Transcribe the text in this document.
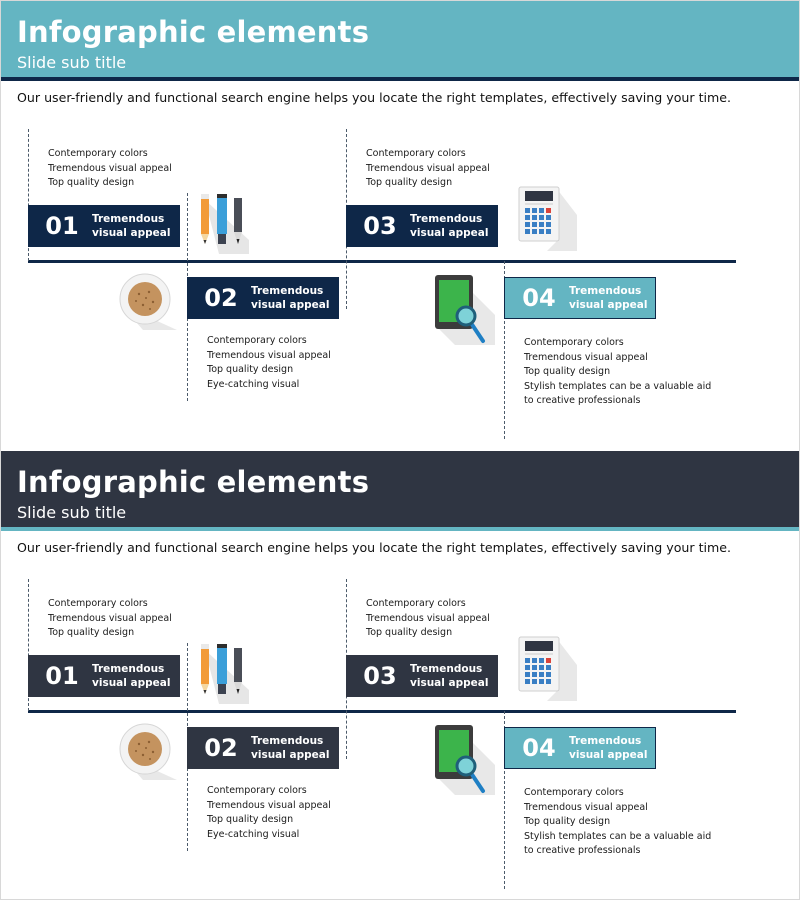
Infographic elements
Slide sub title
Our user-friendly and functional search engine helps you locate the right templates, effectively saving your time.
Contemporary colors
Tremendous visual appeal
Top quality design
01	Tremendous
visual appeal
02	Tremendous
visual appeal
Contemporary colors
Tremendous visual appeal
Top quality design
Eye-catching visual
Contemporary colors
Tremendous visual appeal
Top quality design
03	Tremendous
visual appeal
04	Tremendous
visual appeal
Contemporary colors
Tremendous visual appeal
Top quality design
Stylish templates can be a valuable aid
to creative professionals
Infographic elements
Slide sub title
Our user-friendly and functional search engine helps you locate the right templates, effectively saving your time.
Contemporary colors
Tremendous visual appeal
Top quality design
01	Tremendous
visual appeal
02	Tremendous
visual appeal
Contemporary colors
Tremendous visual appeal
Top quality design
Eye-catching visual
Contemporary colors
Tremendous visual appeal
Top quality design
03	Tremendous
visual appeal
04	Tremendous
visual appeal
Contemporary colors
Tremendous visual appeal
Top quality design
Stylish templates can be a valuable aid
to creative professionals
